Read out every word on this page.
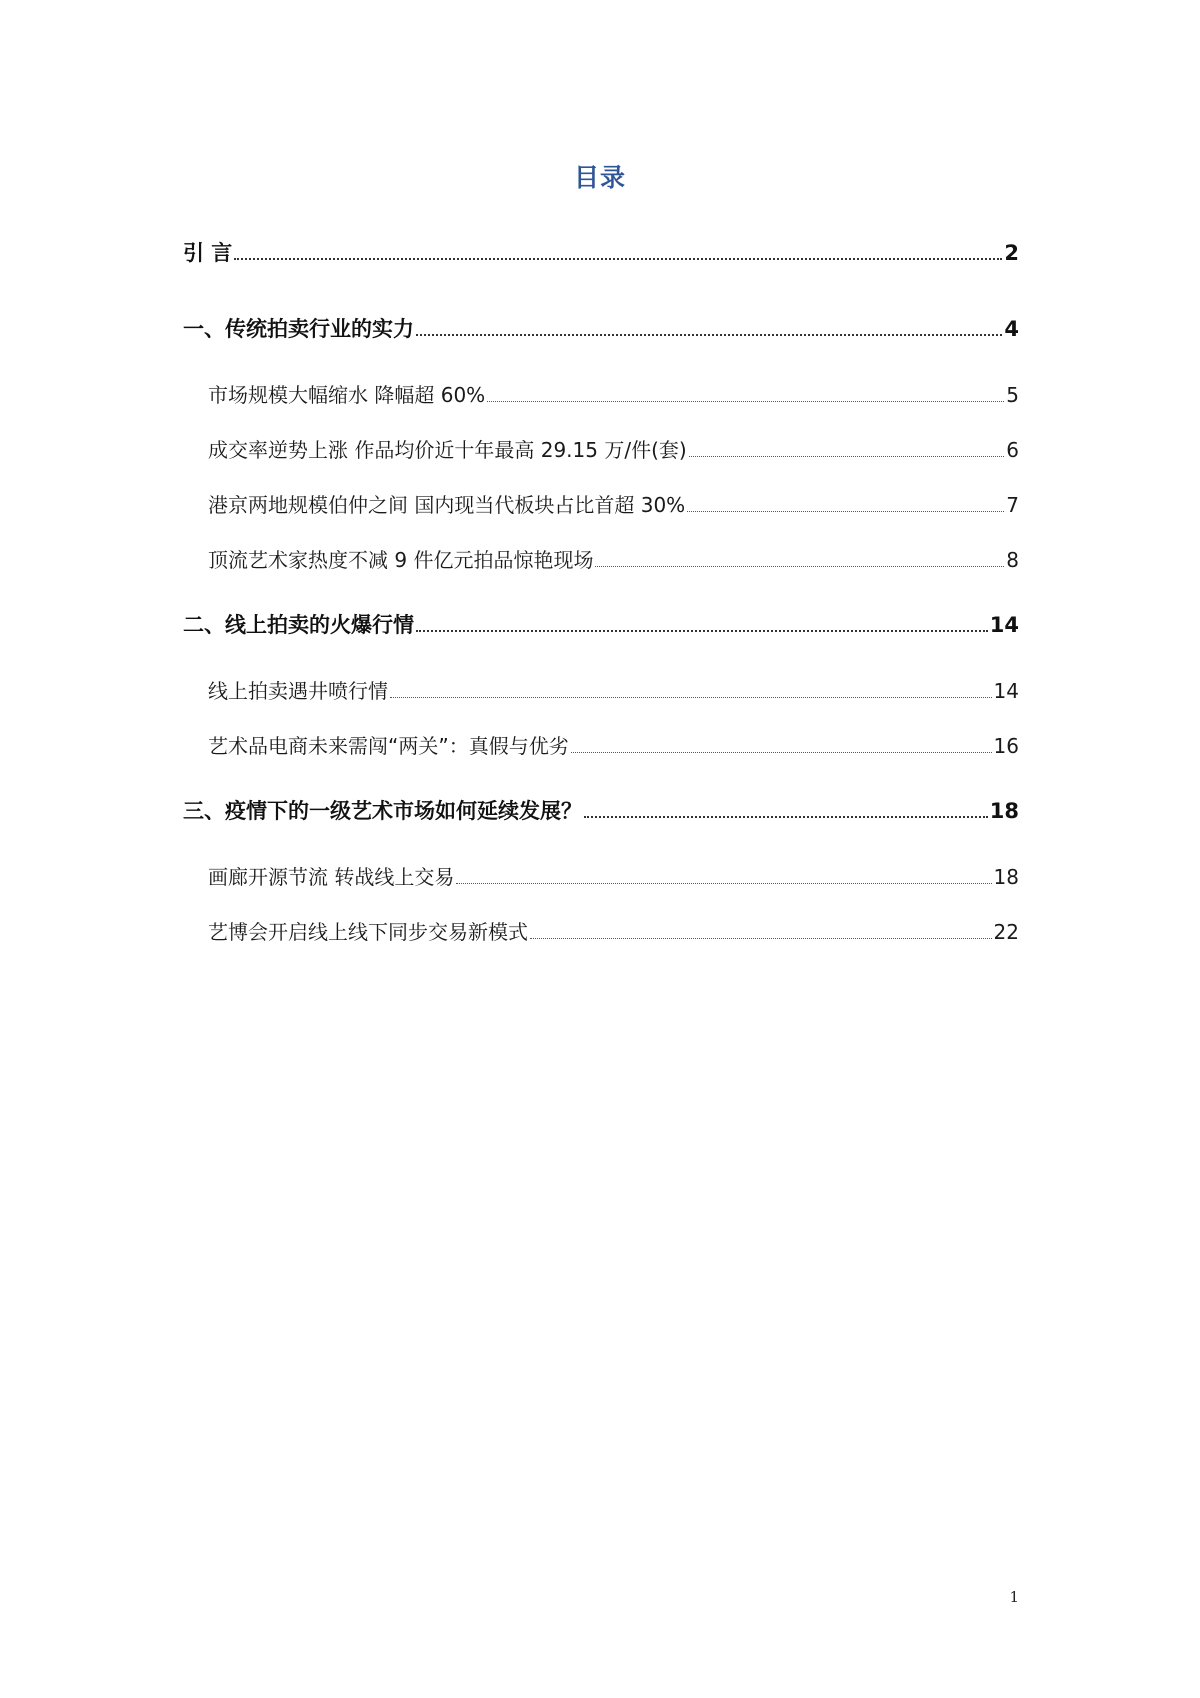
目录
引 言	2
一、传统拍卖行业的实力	4
市场规模大幅缩水 降幅超 60%	5
成交率逆势上涨 作品均价近十年最高 29.15 万/件(套)	6
港京两地规模伯仲之间 国内现当代板块占比首超 30%	7
顶流艺术家热度不减 9 件亿元拍品惊艳现场	8
二、线上拍卖的火爆行情	14
线上拍卖遇井喷行情	14
艺术品电商未来需闯“两关”：真假与优劣	16
三、疫情下的一级艺术市场如何延续发展？	18
画廊开源节流 转战线上交易	18
艺博会开启线上线下同步交易新模式	22
1
